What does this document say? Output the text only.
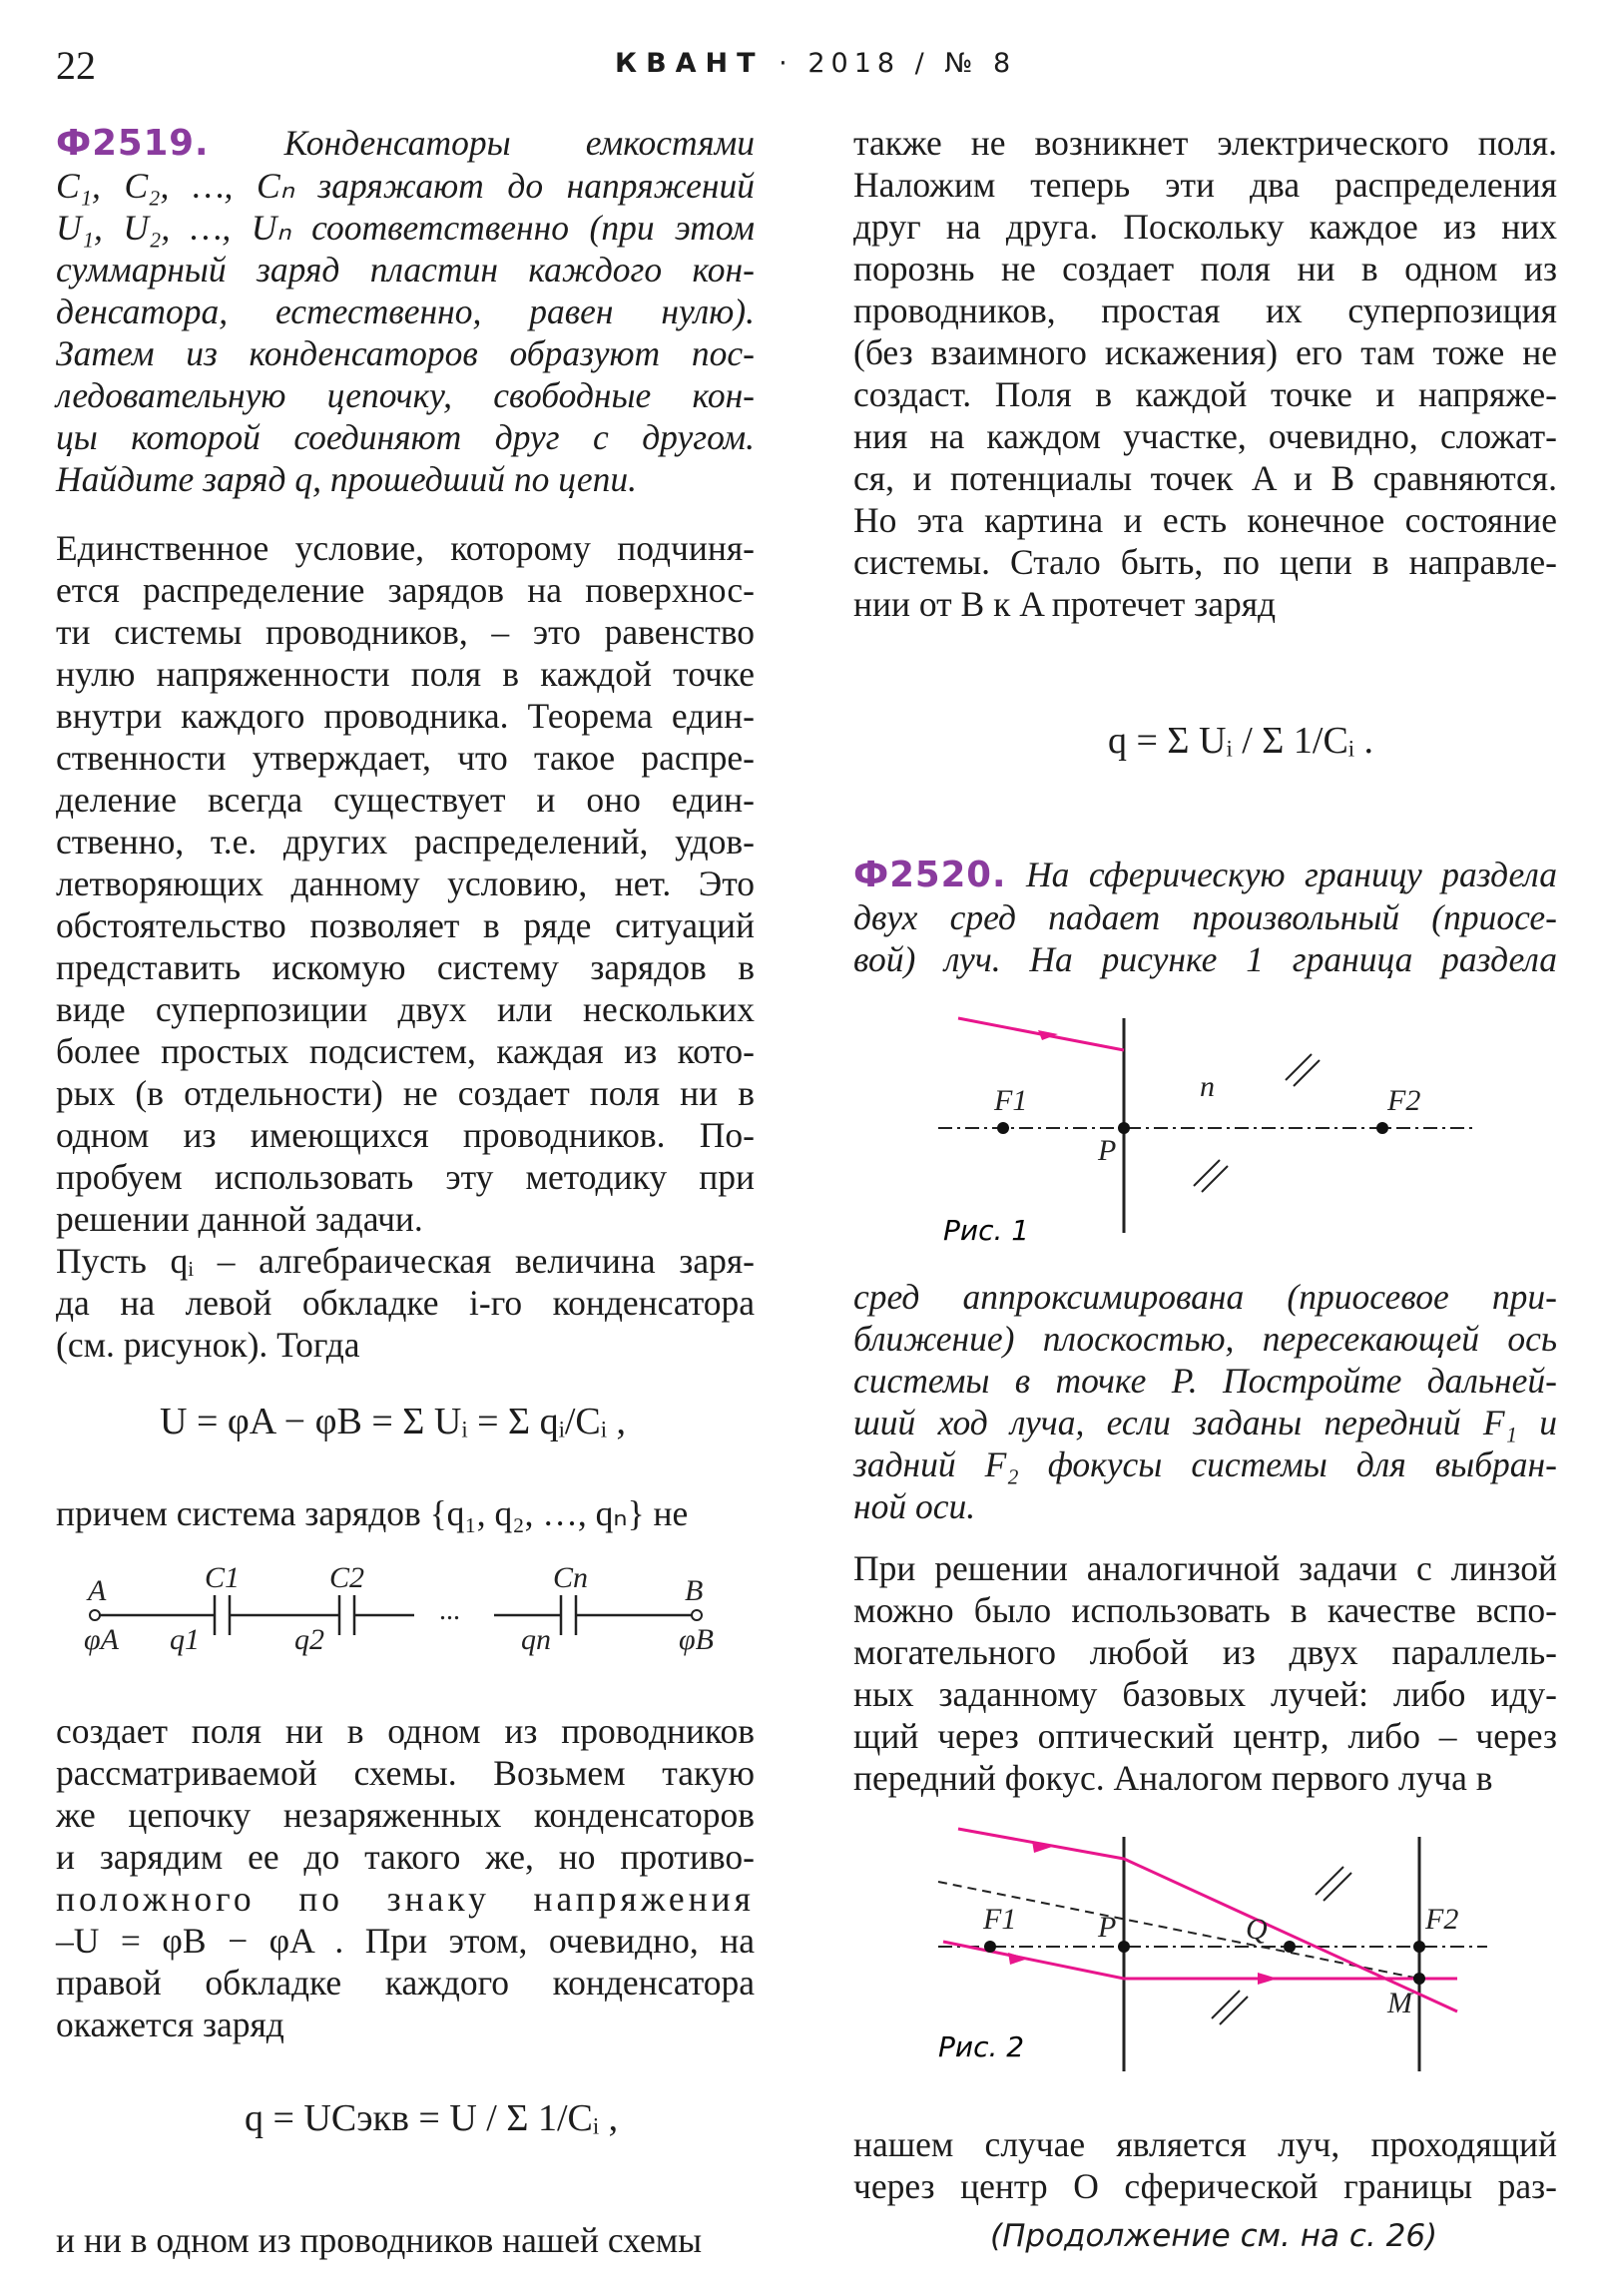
22	КВАНТ · 2018 / № 8
Ф2519. Конденсаторы емкостями
C₁, C₂, …, Cₙ заряжают до напряжений
U₁, U₂, …, Uₙ соответственно (при этом
суммарный заряд пластин каждого кон-
денсатора, естественно, равен нулю).
Затем из конденсаторов образуют пос-
ледовательную цепочку, свободные кон-
цы которой соединяют друг с другом.
Найдите заряд q, прошедший по цепи.
Единственное условие, которому подчиня-
ется распределение зарядов на поверхнос-
ти системы проводников, – это равенство
нулю напряженности поля в каждой точке
внутри каждого проводника. Теорема един-
ственности утверждает, что такое распре-
деление всегда существует и оно един-
ственно, т.е. других распределений, удов-
летворяющих данному условию, нет. Это
обстоятельство позволяет в ряде ситуаций
представить искомую систему зарядов в
виде суперпозиции двух или нескольких
более простых подсистем, каждая из кото-
рых (в отдельности) не создает поля ни в
одном из имеющихся проводников. По-
пробуем использовать эту методику при
решении данной задачи.
Пусть qᵢ – алгебраическая величина заря-
да на левой обкладке i-го конденсатора
(см. рисунок). Тогда
U = φA − φB = Σ Uᵢ = Σ qᵢ/Cᵢ ,
причем система зарядов {q₁, q₂, …, qₙ} не
A	B
φA	φB
C1	C2	Cn
q1	q2	qn
...
создает поля ни в одном из проводников
рассматриваемой схемы. Возьмем такую
же цепочку незаряженных конденсаторов
и зарядим ее до такого же, но противо-
положного по знаку напряжения
–U = φB − φA . При этом, очевидно, на
правой обкладке каждого конденсатора
окажется заряд
q = UCэкв = U / Σ 1/Cᵢ ,
и ни в одном из проводников нашей схемы
также не возникнет электрического поля.
Наложим теперь эти два распределения
друг на друга. Поскольку каждое из них
порознь не создает поля ни в одном из
проводников, простая их суперпозиция
(без взаимного искажения) его там тоже не
создаст. Поля в каждой точке и напряже-
ния на каждом участке, очевидно, сложат-
ся, и потенциалы точек A и B сравняются.
Но эта картина и есть конечное состояние
системы. Стало быть, по цепи в направле-
нии от B к A протечет заряд
q = Σ Uᵢ / Σ 1/Cᵢ .
Ф2520. На сферическую границу раздела
двух сред падает произвольный (приосе-
вой) луч. На рисунке 1 граница раздела
F1	F2
P
n
Рис. 1
сред аппроксимирована (приосевое при-
ближение) плоскостью, пересекающей ось
системы в точке P. Постройте дальней-
ший ход луча, если заданы передний F₁ и
задний F₂ фокусы системы для выбран-
ной оси.
При решении аналогичной задачи с линзой
можно было использовать в качестве вспо-
могательного любой из двух параллель-
ных заданному базовых лучей: либо иду-
щий через оптический центр, либо – через
передний фокус. Аналогом первого луча в
F1	P	Q	F2
M
Рис. 2
нашем случае является луч, проходящий
через центр O сферической границы раз-
(Продолжение см. на с. 26)
